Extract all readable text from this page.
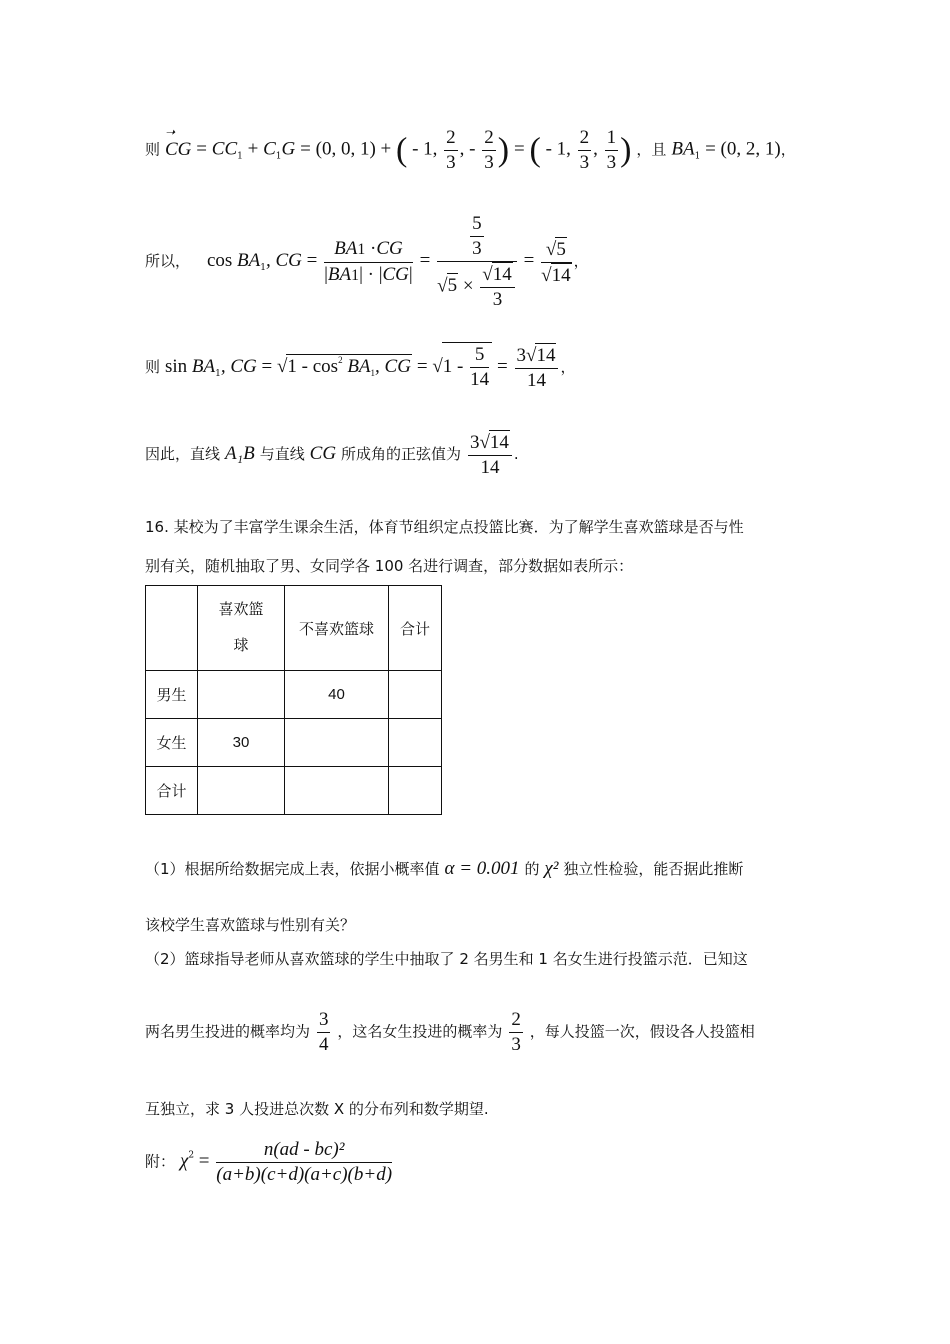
则 CG
➝
= $CC_1 + C_1G = (0$, 0, 1) + ( - 1, $\frac{2}{3}$ , - $\frac{2}{3}$ ) = ( - 1, $\frac{2}{3}$ , $\frac{1}{3}$ ) ，且 $BA_1 = (0$, 2, 1)，
所以， $\cos BA_1$, CG = $\frac{BA1 \cdot CG}{|BA1| \cdot |CG|} = \frac{\frac{5}{3}}{√5 \times \frac{√14}{3}} = \frac{√5}{√14}$ ，
则 $\sin BA_1$, CG = $√1 - \cos^2 BA_1$, CG = $√1 - \frac{5}{14} = \frac{3√14}{14}$ ，
因此，直线 A₁B 与直线 CG 所成角的正弦值为 $\frac{3√14}{14}$ .
16. 某校为了丰富学生课余生活，体育节组织定点投篮比赛．为了解学生喜欢篮球是否与性
别有关，随机抽取了男、女同学各 100 名进行调查，部分数据如表所示：

	喜欢篮球	不喜欢篮球	合计
男生		40	
女生	30		
合计			
（1）根据所给数据完成上表，依据小概率值 α = 0.001 的 χ² 独立性检验，能否据此推断
该校学生喜欢篮球与性别有关？
（2）篮球指导老师从喜欢篮球的学生中抽取了 2 名男生和 1 名女生进行投篮示范．已知这
两名男生投进的概率均为 $\frac{3}{4}$ ，这名女生投进的概率为 $\frac{2}{3}$ ，每人投篮一次，假设各人投篮相
互独立，求 3 人投进总次数 X 的分布列和数学期望.
附： $\chi^2 = \frac{\text{n(ad - bc)²}}{(a+b)(c+d)(a+c)(b+d)}$
